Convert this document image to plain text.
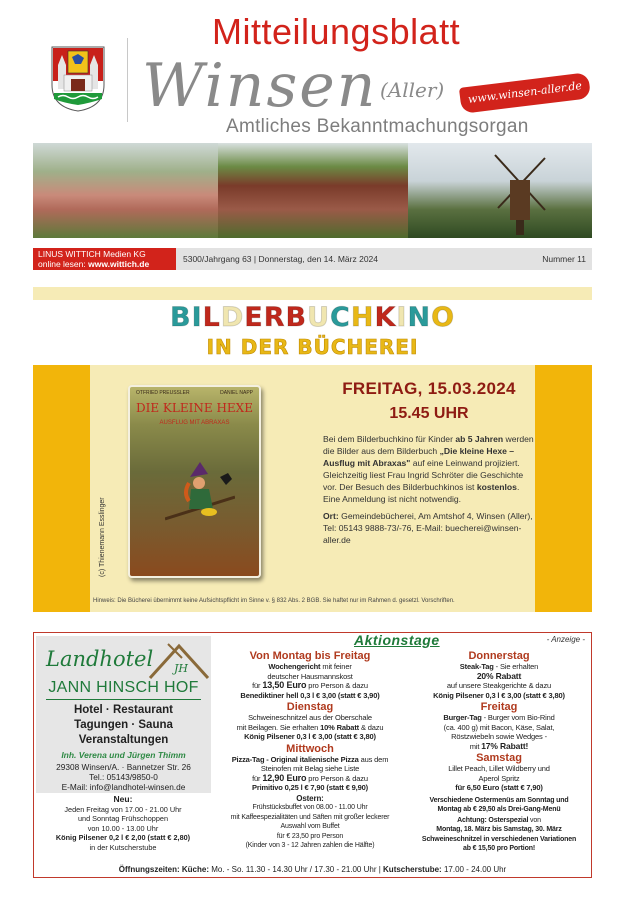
Mitteilungsblatt
Winsen (Aller)	www.winsen-aller.de
Amtliches Bekanntmachungsorgan
LINUS WITTICH Medien KG
online lesen: www.wittich.de	5300/Jahrgang 63 | Donnerstag, den 14. März 2024	Nummer 11
BILDERBUCHKINO
IN DER BÜCHEREI
OTFRIED PREUSSLER	DANIEL NAPP
DIE KLEINE HEXE
AUSFLUG MIT ABRAXAS
(c) Thienemann Esslinger
FREITAG, 15.03.2024
15.45 UHR
Bei dem Bilderbuchkino für Kinder ab 5 Jahren werden die Bilder aus dem Bilderbuch „Die kleine Hexe – Ausflug mit Abraxas" auf eine Leinwand projiziert. Gleichzeitig liest Frau Ingrid Schröter die Geschichte vor. Der Besuch des Bilderbuchkinos ist kostenlos. Eine Anmeldung ist nicht notwendig.
Ort: Gemeindebücherei, Am Amtshof 4, Winsen (Aller), Tel: 05143 9888-73/-76, E-Mail: buecherei@winsen-aller.de
Hinweis: Die Bücherei übernimmt keine Aufsichtspflicht im Sinne v. § 832 Abs. 2 BGB. Sie haftet nur im Rahmen d. gesetzl. Vorschriften.
Landhotel JH
JANN HINSCH HOF
Hotel · Restaurant
Tagungen · Sauna
Veranstaltungen
Inh. Verena und Jürgen Thimm
29308 Winsen/A. · Bannetzer Str. 26
Tel.: 05143/9850-0
E-Mail: info@landhotel-winsen.de
Neu:
Jeden Freitag von 17.00 - 21.00 Uhr
und Sonntag Frühschoppen
von 10.00 - 13.00 Uhr
König Pilsener 0,2 l € 2,00 (statt € 2,80)
in der Kutscherstube
Aktionstage	- Anzeige -
Von Montag bis Freitag
Wochengericht mit feiner
deutscher Hausmannskost
für 13,50 Euro pro Person & dazu
Benediktiner hell 0,3 l € 3,00 (statt € 3,90)
Dienstag
Schweineschnitzel aus der Oberschale
mit Beilagen. Sie erhalten 10% Rabatt & dazu
König Pilsener 0,3 l € 3,00 (statt € 3,80)
Mittwoch
Pizza-Tag - Original italienische Pizza aus dem
Steinofen mit Belag siehe Liste
für 12,90 Euro pro Person & dazu
Primitivo 0,25 l € 7,90 (statt € 9,90)
Ostern:
Frühstücksbuffet von 08.00 - 11.00 Uhr
mit Kaffeespezialitäten und Säften mit großer leckerer
Auswahl vom Buffet
für € 23,50 pro Person
(Kinder von 3 - 12 Jahren zahlen die Hälfte)
Donnerstag
Steak-Tag - Sie erhalten
20% Rabatt
auf unsere Steakgerichte & dazu
König Pilsener 0,3 l € 3,00 (statt € 3,80)
Freitag
Burger-Tag - Burger vom Bio-Rind
(ca. 400 g) mit Bacon, Käse, Salat,
Röstzwiebeln sowie Wedges -
mit 17% Rabatt!
Samstag
Lillet Peach, Lillet Wildberry und
Aperol Spritz
für 6,50 Euro (statt € 7,90)
Verschiedene Ostermenüs am Sonntag und
Montag ab € 29,50 als Drei-Gang-Menü
Achtung: Osterspezial von
Montag, 18. März bis Samstag, 30. März
Schweineschnitzel in verschiedenen Variationen
ab € 15,50 pro Portion!
Öffnungszeiten: Küche: Mo. - So. 11.30 - 14.30 Uhr / 17.30 - 21.00 Uhr | Kutscherstube: 17.00 - 24.00 Uhr
